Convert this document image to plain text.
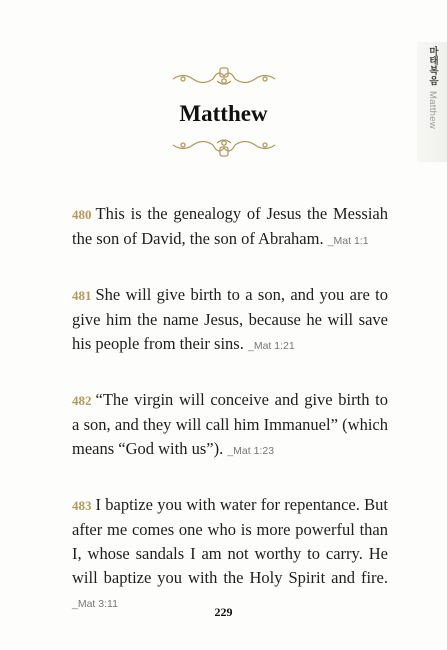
마태복음 Matthew
Matthew

480 This is the genealogy of Jesus the Messiah the son of David, the son of Abraham. _Mat 1:1

481 She will give birth to a son, and you are to give him the name Jesus, because he will save his people from their sins. _Mat 1:21

482 “The virgin will conceive and give birth to a son, and they will call him Immanuel” (which means “God with us”). _Mat 1:23

483 I baptize you with water for repentance. But after me comes one who is more powerful than I, whose sandals I am not worthy to carry. He will baptize you with the Holy Spirit and fire. _Mat 3:11

229
